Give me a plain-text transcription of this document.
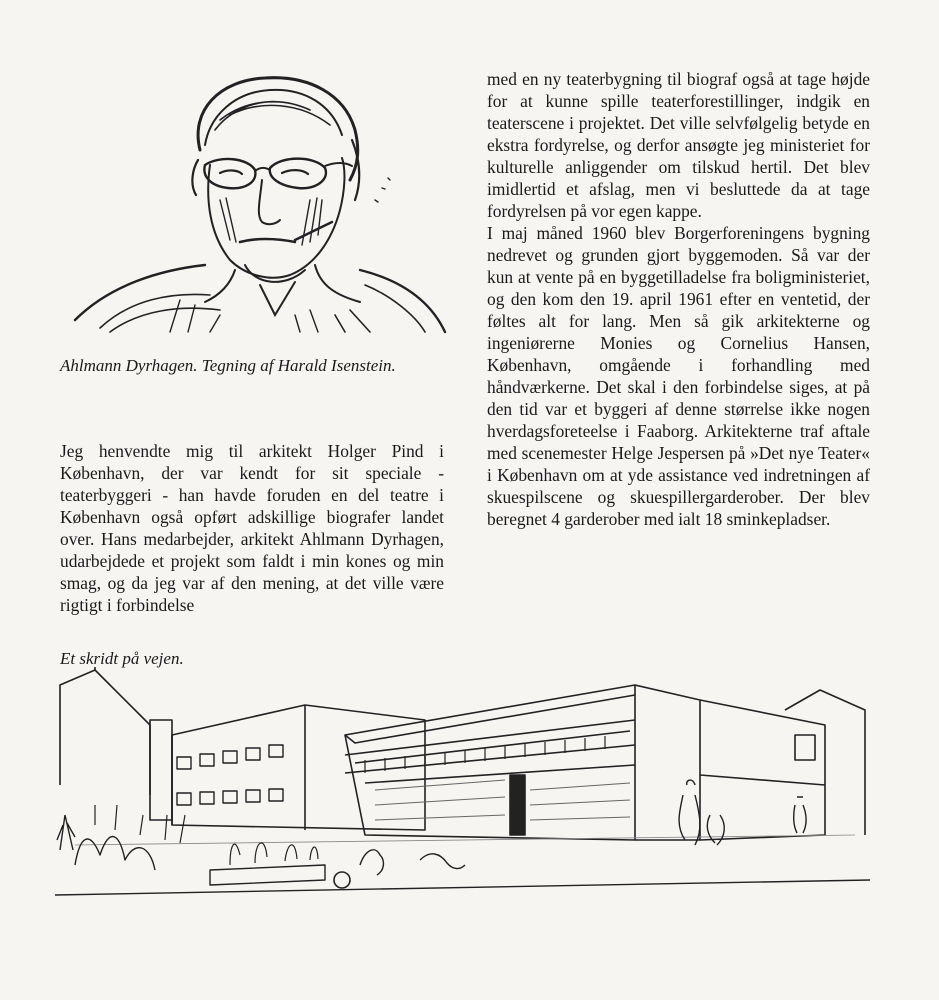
Ahlmann Dyrhagen. Tegning af Harald Isenstein.

Jeg henvendte mig til arkitekt Holger Pind i København, der var kendt for sit speciale - teaterbyggeri - han havde foruden en del teatre i København også opført adskillige biografer landet over. Hans medarbejder, arkitekt Ahlmann Dyrhagen, udarbejdede et projekt som faldt i min kones og min smag, og da jeg var af den mening, at det ville være rigtigt i forbindelse

med en ny teaterbygning til biograf også at tage højde for at kunne spille teaterforestillinger, indgik en teaterscene i projektet. Det ville selvfølgelig betyde en ekstra fordyrelse, og derfor ansøgte jeg ministeriet for kulturelle anliggender om tilskud hertil. Det blev imidlertid et afslag, men vi besluttede da at tage fordyrelsen på vor egen kappe.

I maj måned 1960 blev Borgerforeningens bygning nedrevet og grunden gjort byggemoden. Så var der kun at vente på en byggetilladelse fra boligministeriet, og den kom den 19. april 1961 efter en ventetid, der føltes alt for lang. Men så gik arkitekterne og ingeniørerne Monies og Cornelius Hansen, København, omgående i forhandling med håndværkerne. Det skal i den forbindelse siges, at på den tid var et byggeri af denne størrelse ikke nogen hverdagsforeteelse i Faaborg. Arkitekterne traf aftale med scenemester Helge Jespersen på »Det nye Teater« i København om at yde assistance ved indretningen af skuespilscene og skuespillergarderober. Der blev beregnet 4 garderober med ialt 18 sminkepladser.

Et skridt på vejen.
